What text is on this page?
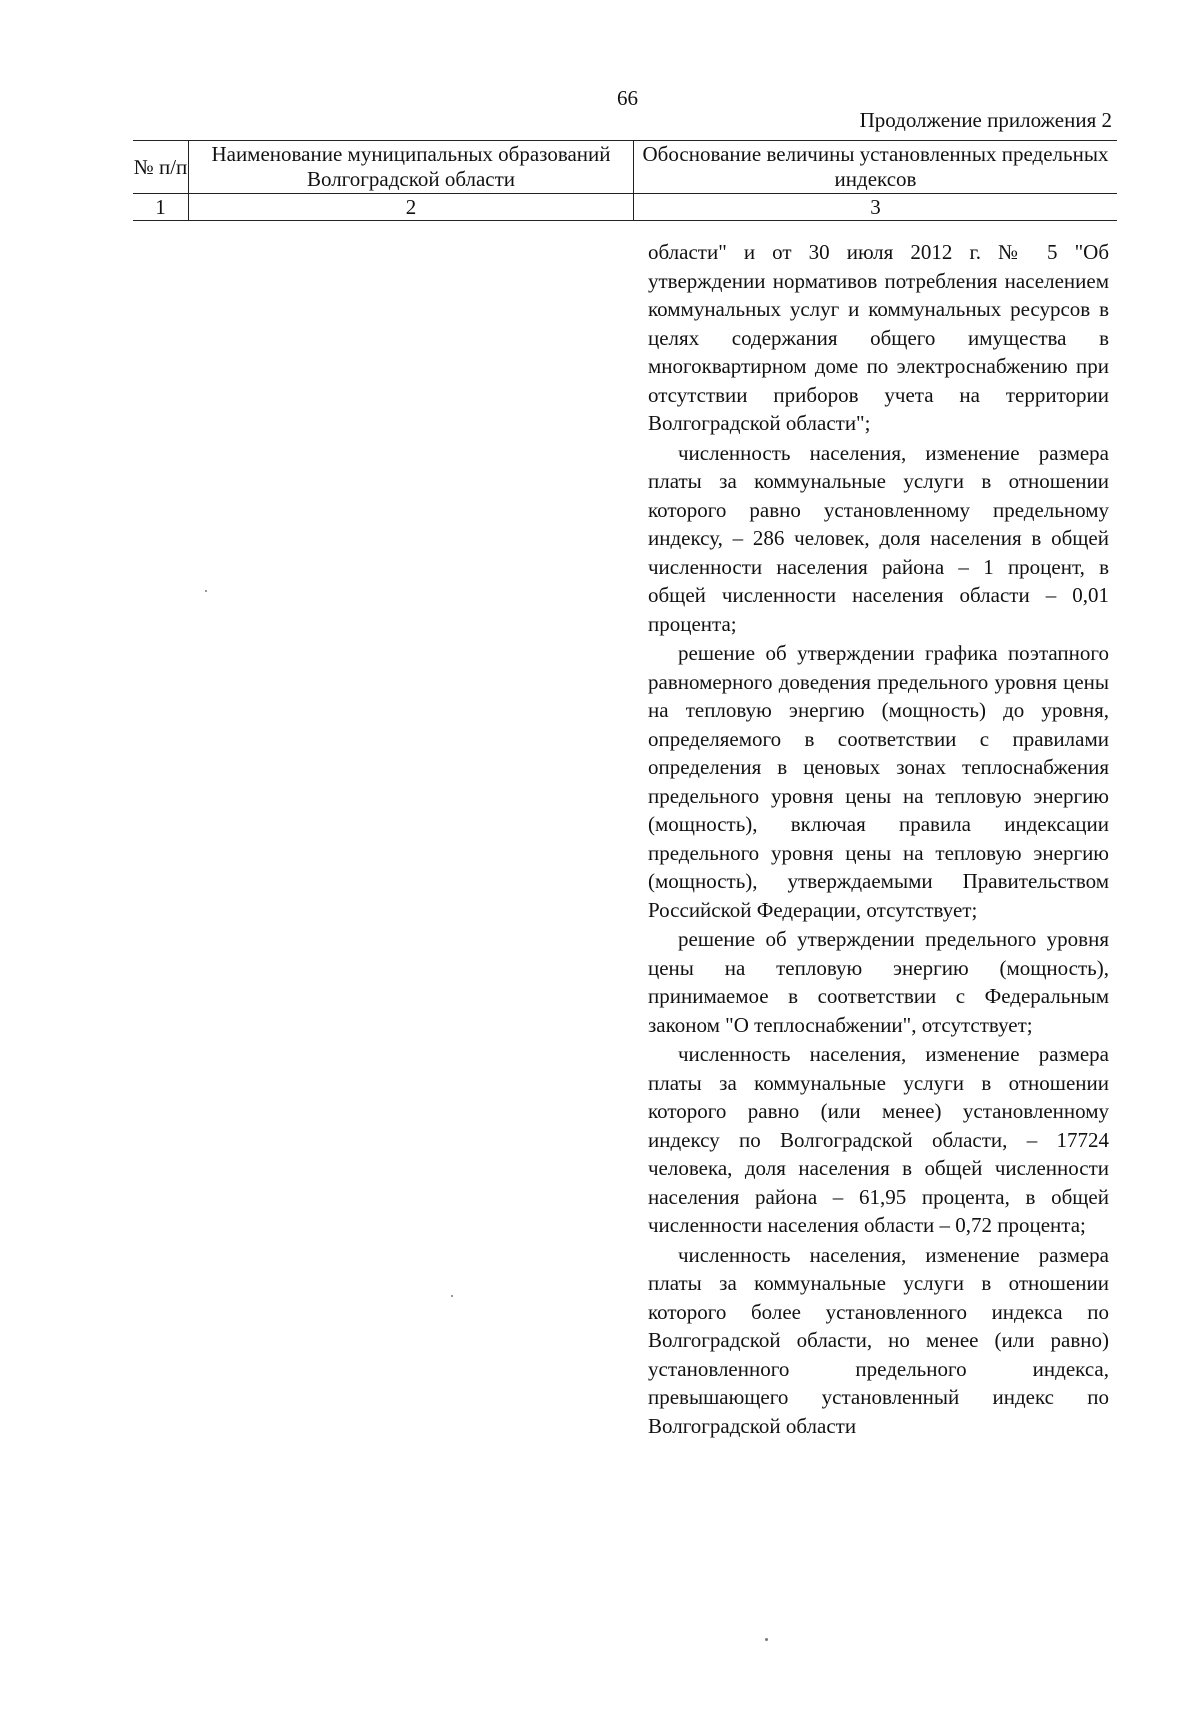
66
Продолжение приложения 2
№ п/п	Наименование муниципальных образований Волгоградской области	Обоснование величины установленных предельных индексов
1	2	3

области" и от 30 июля 2012 г. № 5 "Об утверждении нормативов потребления населением коммунальных услуг и коммунальных ресурсов в целях содержания общего имущества в многоквартирном доме по электроснабжению при отсутствии приборов учета на территории Волгоградской области";

численность населения, изменение размера платы за коммунальные услуги в отношении которого равно установленному предельному индексу, – 286 человек, доля населения в общей численности населения района – 1 процент, в общей численности населения области – 0,01 процента;

решение об утверждении графика поэтапного равномерного доведения предельного уровня цены на тепловую энергию (мощность) до уровня, определяемого в соответствии с правилами определения в ценовых зонах теплоснабжения предельного уровня цены на тепловую энергию (мощность), включая правила индексации предельного уровня цены на тепловую энергию (мощность), утверждаемыми Правительством Российской Федерации, отсутствует;

решение об утверждении предельного уровня цены на тепловую энергию (мощность), принимаемое в соответствии с Федеральным законом "О теплоснабжении", отсутствует;

численность населения, изменение размера платы за коммунальные услуги в отношении которого равно (или менее) установленному индексу по Волгоградской области, – 17724 человека, доля населения в общей численности населения района – 61,95 процента, в общей численности населения области – 0,72 процента;

численность населения, изменение размера платы за коммунальные услуги в отношении которого более установленного индекса по Волгоградской области, но менее (или равно) установленного предельного индекса, превышающего установленный индекс по Волгоградской области
